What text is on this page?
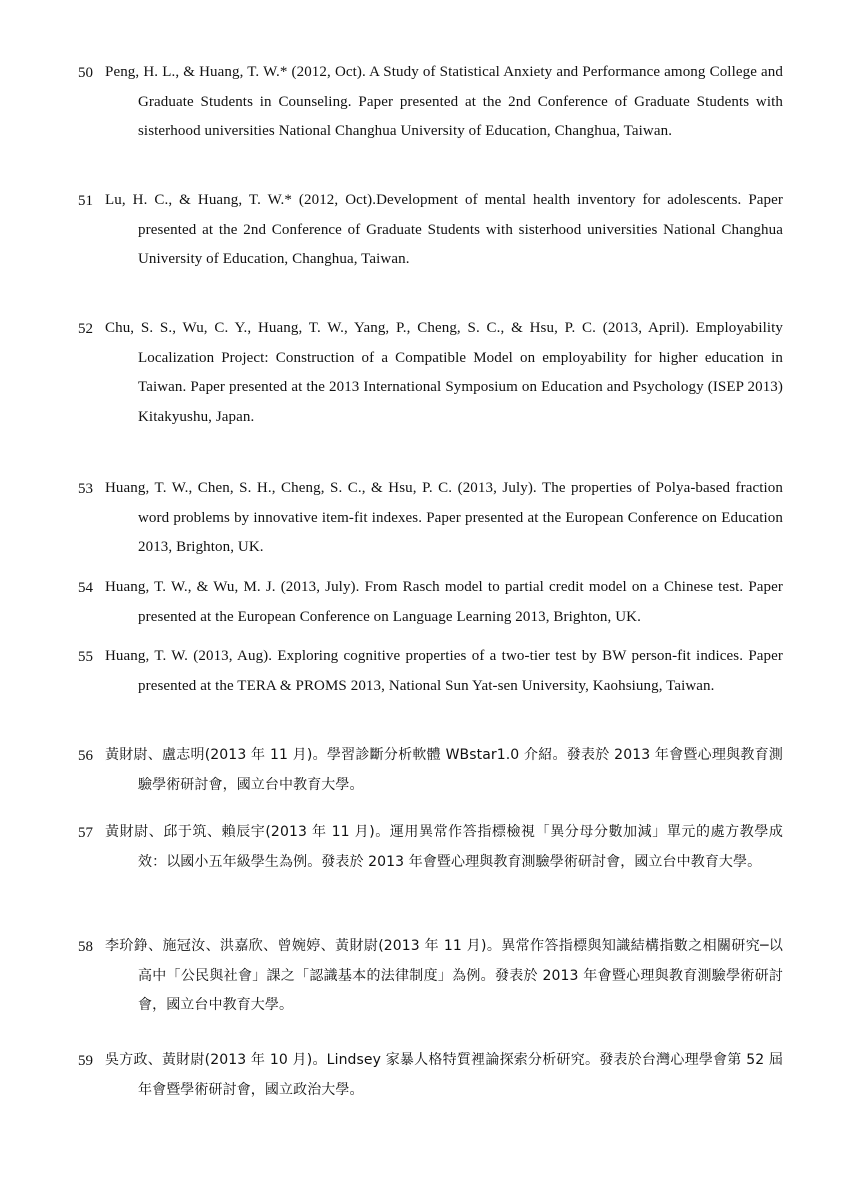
50 Peng, H. L., & Huang, T. W.* (2012, Oct). A Study of Statistical Anxiety and Performance among College and Graduate Students in Counseling. Paper presented at the 2nd Conference of Graduate Students with sisterhood universities National Changhua University of Education, Changhua, Taiwan.
51 Lu, H. C., & Huang, T. W.* (2012, Oct).Development of mental health inventory for adolescents. Paper presented at the 2nd Conference of Graduate Students with sisterhood universities National Changhua University of Education, Changhua, Taiwan.
52 Chu, S. S., Wu, C. Y., Huang, T. W., Yang, P., Cheng, S. C., & Hsu, P. C. (2013, April). Employability Localization Project: Construction of a Compatible Model on employability for higher education in Taiwan. Paper presented at the 2013 International Symposium on Education and Psychology (ISEP 2013) Kitakyushu, Japan.
53 Huang, T. W., Chen, S. H., Cheng, S. C., & Hsu, P. C. (2013, July). The properties of Polya-based fraction word problems by innovative item-fit indexes. Paper presented at the European Conference on Education 2013, Brighton, UK.
54 Huang, T. W., & Wu, M. J. (2013, July). From Rasch model to partial credit model on a Chinese test. Paper presented at the European Conference on Language Learning 2013, Brighton, UK.
55 Huang, T. W. (2013, Aug). Exploring cognitive properties of a two-tier test by BW person-fit indices. Paper presented at the TERA & PROMS 2013, National Sun Yat-sen University, Kaohsiung, Taiwan.
56 黃財尉、盧志明(2013 年 11 月)。學習診斷分析軟體 WBstar1.0 介紹。發表於 2013 年會暨心理與教育測驗學術研討會，國立台中教育大學。
57 黃財尉、邱于筑、賴辰宇(2013 年 11 月)。運用異常作答指標檢視「異分母分數加減」單元的處方教學成效：以國小五年級學生為例。發表於 2013 年會暨心理與教育測驗學術研討會，國立台中教育大學。
58 李玠錚、施冠汝、洪嘉欣、曾婉婷、黃財尉(2013 年 11 月)。異常作答指標與知識結構指數之相關研究─以高中「公民與社會」課之「認識基本的法律制度」為例。發表於 2013 年會暨心理與教育測驗學術研討會，國立台中教育大學。
59 吳方政、黃財尉(2013 年 10 月)。Lindsey 家暴人格特質裡論探索分析研究。發表於台灣心理學會第 52 屆年會暨學術研討會，國立政治大學。
